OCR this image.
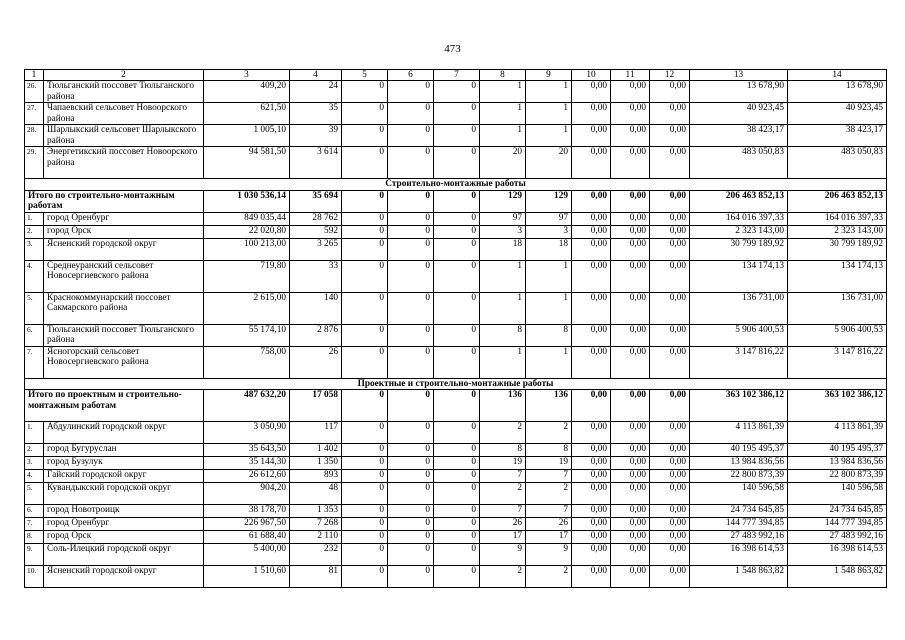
473
1	2	3	4	5	6	7	8	9	10	11	12	13	14
26.	Тюльганский поссовет Тюльганского района	409,20	24	0	0	0	1	1	0,00	0,00	0,00	13 678,90	13 678,90
27.	Чапаевский сельсовет Новоорского района	621,50	35	0	0	0	1	1	0,00	0,00	0,00	40 923,45	40 923,45
28.	Шарлыкский сельсовет Шарлыкского района	1 005,10	39	0	0	0	1	1	0,00	0,00	0,00	38 423,17	38 423,17
29.	Энергетикский поссовет Новоорского района	94 581,50	3 614	0	0	0	20	20	0,00	0,00	0,00	483 050,83	483 050,83
Строительно-монтажные работы													
Итого по строительно-монтажным работам		1 030 536,14	35 694	0	0	0	129	129	0,00	0,00	0,00	206 463 852,13	206 463 852,13
1.	город Оренбург	849 035,44	28 762	0	0	0	97	97	0,00	0,00	0,00	164 016 397,33	164 016 397,33
2.	город Орск	22 020,80	592	0	0	0	3	3	0,00	0,00	0,00	2 323 143,00	2 323 143,00
3.	Ясненский городской округ	100 213,00	3 265	0	0	0	18	18	0,00	0,00	0,00	30 799 189,92	30 799 189,92
4.	Среднеуранский сельсовет Новосергиевского района	719,80	33	0	0	0	1	1	0,00	0,00	0,00	134 174,13	134 174,13
5.	Краснокоммунарский поссовет Сакмарского района	2 615,00	140	0	0	0	1	1	0,00	0,00	0,00	136 731,00	136 731,00
6.	Тюльганский поссовет Тюльганского района	55 174,10	2 876	0	0	0	8	8	0,00	0,00	0,00	5 906 400,53	5 906 400,53
7.	Ясногорский сельсовет Новосергиевского района	758,00	26	0	0	0	1	1	0,00	0,00	0,00	3 147 816,22	3 147 816,22
Проектные и строительно-монтажные работы													
Итого по проектным и строительно-монтажным работам		487 632,20	17 058	0	0	0	136	136	0,00	0,00	0,00	363 102 386,12	363 102 386,12
1.	Абдулинский городской округ	3 050,90	117	0	0	0	2	2	0,00	0,00	0,00	4 113 861,39	4 113 861,39
2.	город Бугуруслан	35 643,50	1 402	0	0	0	8	8	0,00	0,00	0,00	40 195 495,37	40 195 495,37
3.	город Бузулук	35 144,30	1 350	0	0	0	19	19	0,00	0,00	0,00	13 984 836,56	13 984 836,56
4.	Гайский городской округ	26 612,60	893	0	0	0	7	7	0,00	0,00	0,00	22 800 873,39	22 800 873,39
5.	Кувандыкский городской округ	904,20	48	0	0	0	2	2	0,00	0,00	0,00	140 596,58	140 596,58
6.	город Новотроицк	38 178,70	1 353	0	0	0	7	7	0,00	0,00	0,00	24 734 645,85	24 734 645,85
7.	город Оренбург	226 967,50	7 268	0	0	0	26	26	0,00	0,00	0,00	144 777 394,85	144 777 394,85
8.	город Орск	61 688,40	2 110	0	0	0	17	17	0,00	0,00	0,00	27 483 992,16	27 483 992,16
9.	Соль-Илецкий городской округ	5 400,00	232	0	0	0	9	9	0,00	0,00	0,00	16 398 614,53	16 398 614,53
10.	Ясненский городской округ	1 510,60	81	0	0	0	2	2	0,00	0,00	0,00	1 548 863,82	1 548 863,82
